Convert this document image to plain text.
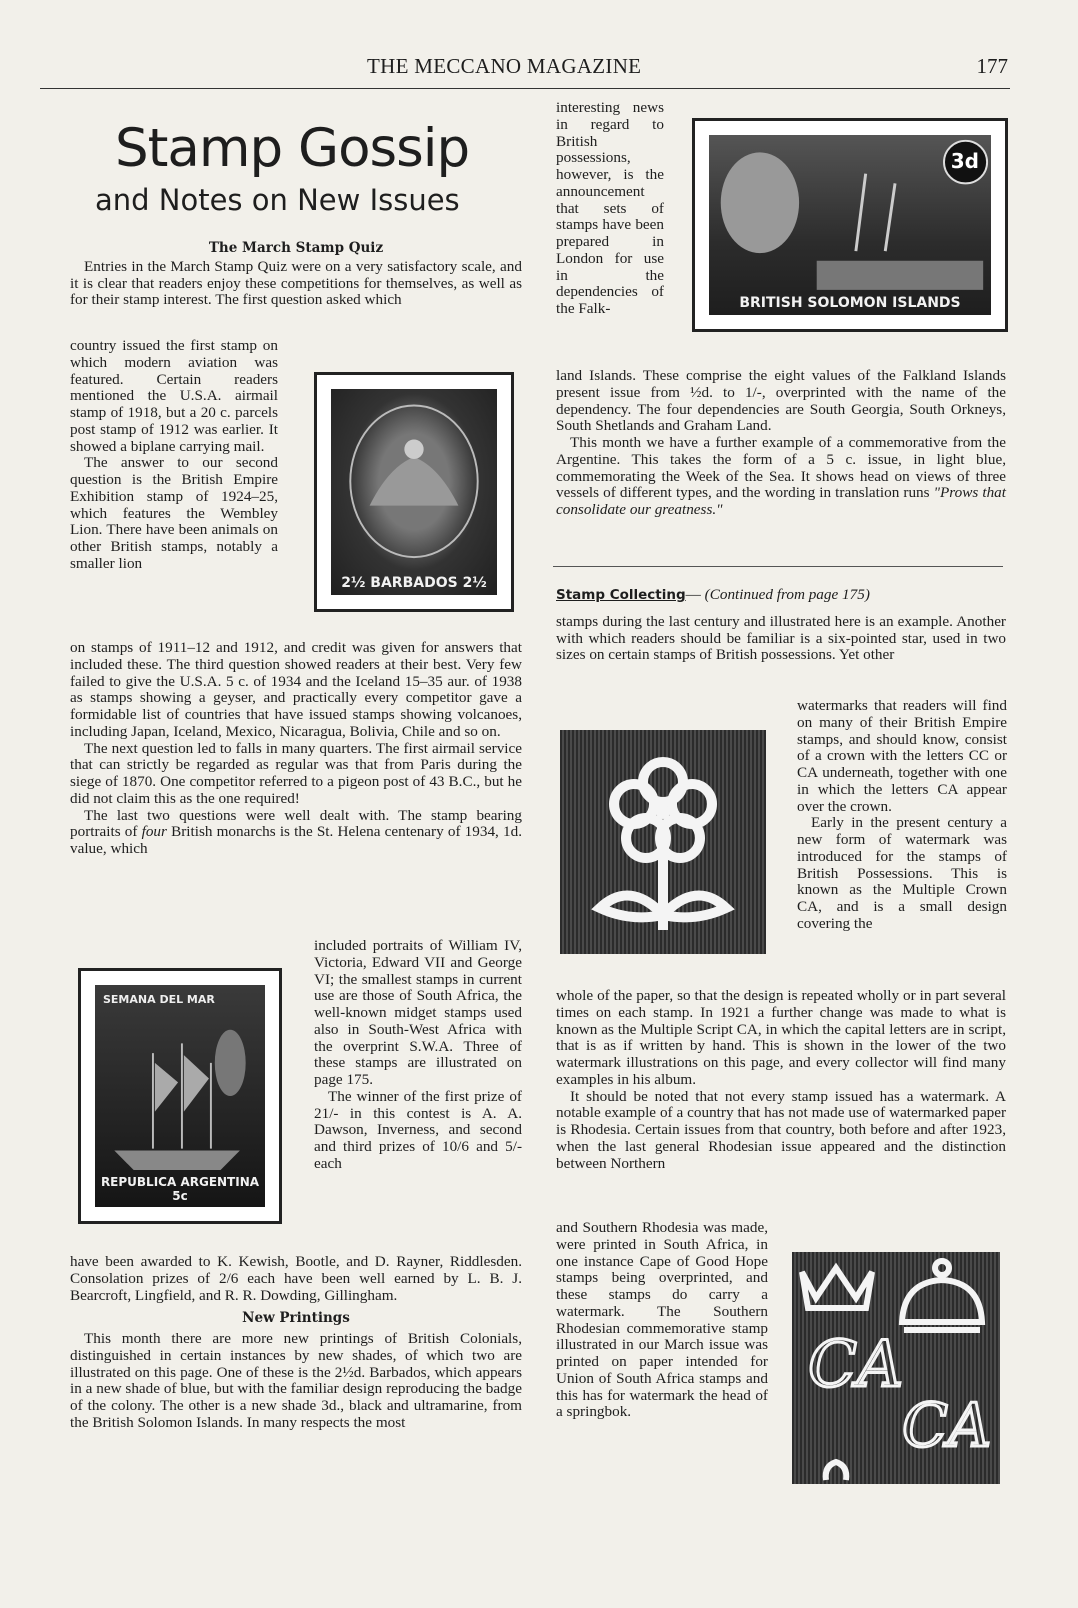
THE MECCANO MAGAZINE	177
Stamp Gossip
and Notes on New Issues

The March Stamp Quiz

Entries in the March Stamp Quiz were on a very satisfactory scale, and it is clear that readers enjoy these competitions for themselves, as well as for their stamp interest. The first question asked which

country issued the first stamp on which modern aviation was featured. Certain readers mentioned the U.S.A. airmail stamp of 1918, but a 20 c. parcels post stamp of 1912 was earlier. It showed a biplane carrying mail.

The answer to our second question is the British Empire Exhibition stamp of 1924–25, which features the Wembley Lion. There have been animals on other British stamps, notably a smaller lion

2½ BARBADOS 2½

on stamps of 1911–12 and 1912, and credit was given for answers that included these. The third question showed readers at their best. Very few failed to give the U.S.A. 5 c. of 1934 and the Iceland 15–35 aur. of 1938 as stamps showing a geyser, and practically every competitor gave a formidable list of countries that have issued stamps showing volcanoes, including Japan, Iceland, Mexico, Nicaragua, Bolivia, Chile and so on.

The next question led to falls in many quarters. The first airmail service that can strictly be regarded as regular was that from Paris during the siege of 1870. One competitor referred to a pigeon post of 43 B.C., but he did not claim this as the one required!

The last two questions were well dealt with. The stamp bearing portraits of four British monarchs is the St. Helena centenary of 1934, 1d. value, which

SEMANA DEL MAR
REPUBLICA ARGENTINA 5c

included portraits of William IV, Victoria, Edward VII and George VI; the smallest stamps in current use are those of South Africa, the well-known midget stamps used also in South-West Africa with the overprint S.W.A. Three of these stamps are illustrated on page 175.

The winner of the first prize of 21/- in this contest is A. A. Dawson, Inverness, and second and third prizes of 10/6 and 5/- each

have been awarded to K. Kewish, Bootle, and D. Rayner, Riddlesden. Consolation prizes of 2/6 each have been well earned by L. B. J. Bearcroft, Lingfield, and R. R. Dowding, Gillingham.

New Printings

This month there are more new printings of British Colonials, distinguished in certain instances by new shades, of which two are illustrated on this page. One of these is the 2½d. Barbados, which appears in a new shade of blue, but with the familiar design reproducing the badge of the colony. The other is a new shade 3d., black and ultramarine, from the British Solomon Islands. In many respects the most

interesting news in regard to British possessions, however, is the announcement that sets of stamps have been prepared in London for use in the dependencies of the Falk-

3d
BRITISH SOLOMON ISLANDS

land Islands. These comprise the eight values of the Falkland Islands present issue from ½d. to 1/-, overprinted with the name of the dependency. The four dependencies are South Georgia, South Orkneys, South Shetlands and Graham Land.

This month we have a further example of a commemorative from the Argentine. This takes the form of a 5 c. issue, in light blue, commemorating the Week of the Sea. It shows head on views of three vessels of different types, and the wording in translation runs "Prows that consolidate our greatness."

Stamp Collecting— (Continued from page 175)

stamps during the last century and illustrated here is an example. Another with which readers should be familiar is a six-pointed star, used in two sizes on certain stamps of British possessions. Yet other

watermarks that readers will find on many of their British Empire stamps, and should know, consist of a crown with the letters CC or CA underneath, together with one in which the letters CA appear over the crown.

Early in the present century a new form of watermark was introduced for the stamps of British Possessions. This is known as the Multiple Crown CA, and is a small design covering the

whole of the paper, so that the design is repeated wholly or in part several times on each stamp. In 1921 a further change was made to what is known as the Multiple Script CA, in which the capital letters are in script, that is as if written by hand. This is shown in the lower of the two watermark illustrations on this page, and every collector will find many examples in his album.

It should be noted that not every stamp issued has a watermark. A notable example of a country that has not made use of watermarked paper is Rhodesia. Certain issues from that country, both before and after 1923, when the last general Rhodesian issue appeared and the distinction between Northern

and Southern Rhodesia was made, were printed in South Africa, in one instance Cape of Good Hope stamps being overprinted, and these stamps do carry a watermark. The Southern Rhodesian commemorative stamp illustrated in our March issue was printed on paper intended for Union of South Africa stamps and this has for watermark the head of a springbok.

CA
CA
